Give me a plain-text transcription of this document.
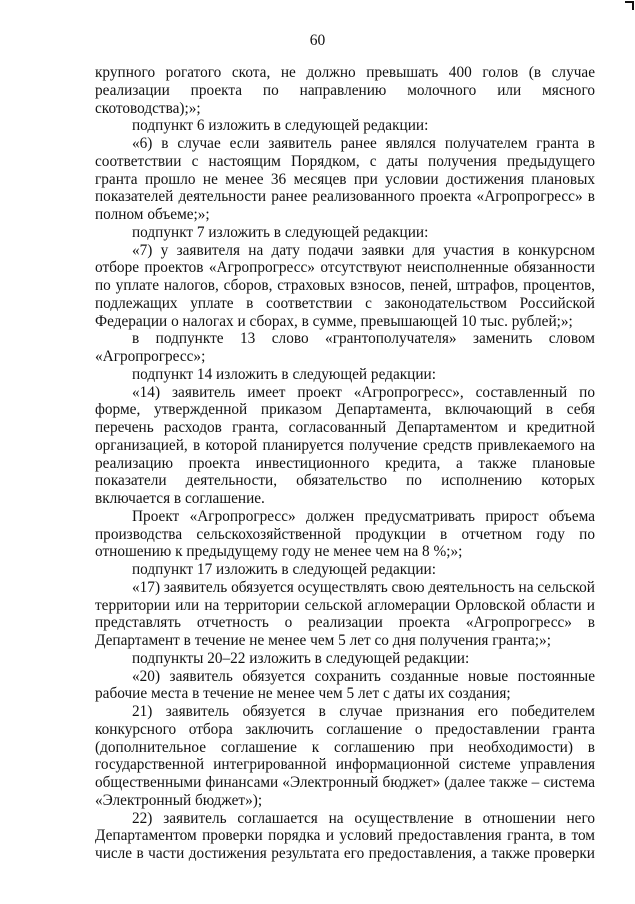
60

крупного рогатого скота, не должно превышать 400 голов (в случае реализации проекта по направлению молочного или мясного скотоводства);»;

подпункт 6 изложить в следующей редакции:

«6) в случае если заявитель ранее являлся получателем гранта в соответствии с настоящим Порядком, с даты получения предыдущего гранта прошло не менее 36 месяцев при условии достижения плановых показателей деятельности ранее реализованного проекта «Агропрогресс» в полном объеме;»;

подпункт 7 изложить в следующей редакции:

«7) у заявителя на дату подачи заявки для участия в конкурсном отборе проектов «Агропрогресс» отсутствуют неисполненные обязанности по уплате налогов, сборов, страховых взносов, пеней, штрафов, процентов, подлежащих уплате в соответствии с законодательством Российской Федерации о налогах и сборах, в сумме, превышающей 10 тыс. рублей;»;

в подпункте 13 слово «грантополучателя» заменить словом «Агропрогресс»;

подпункт 14 изложить в следующей редакции:

«14) заявитель имеет проект «Агропрогресс», составленный по форме, утвержденной приказом Департамента, включающий в себя перечень расходов гранта, согласованный Департаментом и кредитной организацией, в которой планируется получение средств привлекаемого на реализацию проекта инвестиционного кредита, а также плановые показатели деятельности, обязательство по исполнению которых включается в соглашение.

Проект «Агропрогресс» должен предусматривать прирост объема производства сельскохозяйственной продукции в отчетном году по отношению к предыдущему году не менее чем на 8 %;»;

подпункт 17 изложить в следующей редакции:

«17) заявитель обязуется осуществлять свою деятельность на сельской территории или на территории сельской агломерации Орловской области и представлять отчетность о реализации проекта «Агропрогресс» в Департамент в течение не менее чем 5 лет со дня получения гранта;»;

подпункты 20–22 изложить в следующей редакции:

«20) заявитель обязуется сохранить созданные новые постоянные рабочие места в течение не менее чем 5 лет с даты их создания;

21) заявитель обязуется в случае признания его победителем конкурсного отбора заключить соглашение о предоставлении гранта (дополнительное соглашение к соглашению при необходимости) в государственной интегрированной информационной системе управления общественными финансами «Электронный бюджет» (далее также – система «Электронный бюджет»);

22) заявитель соглашается на осуществление в отношении него Департаментом проверки порядка и условий предоставления гранта, в том числе в части достижения результата его предоставления, а также проверки
